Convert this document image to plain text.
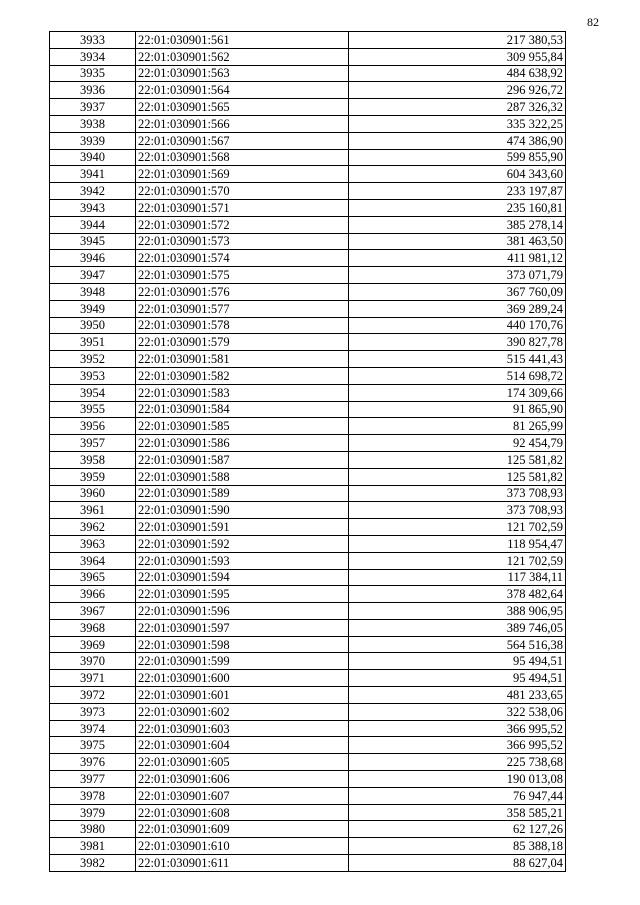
82
3933	22:01:030901:561	217 380,53
3934	22:01:030901:562	309 955,84
3935	22:01:030901:563	484 638,92
3936	22:01:030901:564	296 926,72
3937	22:01:030901:565	287 326,32
3938	22:01:030901:566	335 322,25
3939	22:01:030901:567	474 386,90
3940	22:01:030901:568	599 855,90
3941	22:01:030901:569	604 343,60
3942	22:01:030901:570	233 197,87
3943	22:01:030901:571	235 160,81
3944	22:01:030901:572	385 278,14
3945	22:01:030901:573	381 463,50
3946	22:01:030901:574	411 981,12
3947	22:01:030901:575	373 071,79
3948	22:01:030901:576	367 760,09
3949	22:01:030901:577	369 289,24
3950	22:01:030901:578	440 170,76
3951	22:01:030901:579	390 827,78
3952	22:01:030901:581	515 441,43
3953	22:01:030901:582	514 698,72
3954	22:01:030901:583	174 309,66
3955	22:01:030901:584	91 865,90
3956	22:01:030901:585	81 265,99
3957	22:01:030901:586	92 454,79
3958	22:01:030901:587	125 581,82
3959	22:01:030901:588	125 581,82
3960	22:01:030901:589	373 708,93
3961	22:01:030901:590	373 708,93
3962	22:01:030901:591	121 702,59
3963	22:01:030901:592	118 954,47
3964	22:01:030901:593	121 702,59
3965	22:01:030901:594	117 384,11
3966	22:01:030901:595	378 482,64
3967	22:01:030901:596	388 906,95
3968	22:01:030901:597	389 746,05
3969	22:01:030901:598	564 516,38
3970	22:01:030901:599	95 494,51
3971	22:01:030901:600	95 494,51
3972	22:01:030901:601	481 233,65
3973	22:01:030901:602	322 538,06
3974	22:01:030901:603	366 995,52
3975	22:01:030901:604	366 995,52
3976	22:01:030901:605	225 738,68
3977	22:01:030901:606	190 013,08
3978	22:01:030901:607	76 947,44
3979	22:01:030901:608	358 585,21
3980	22:01:030901:609	62 127,26
3981	22:01:030901:610	85 388,18
3982	22:01:030901:611	88 627,04
